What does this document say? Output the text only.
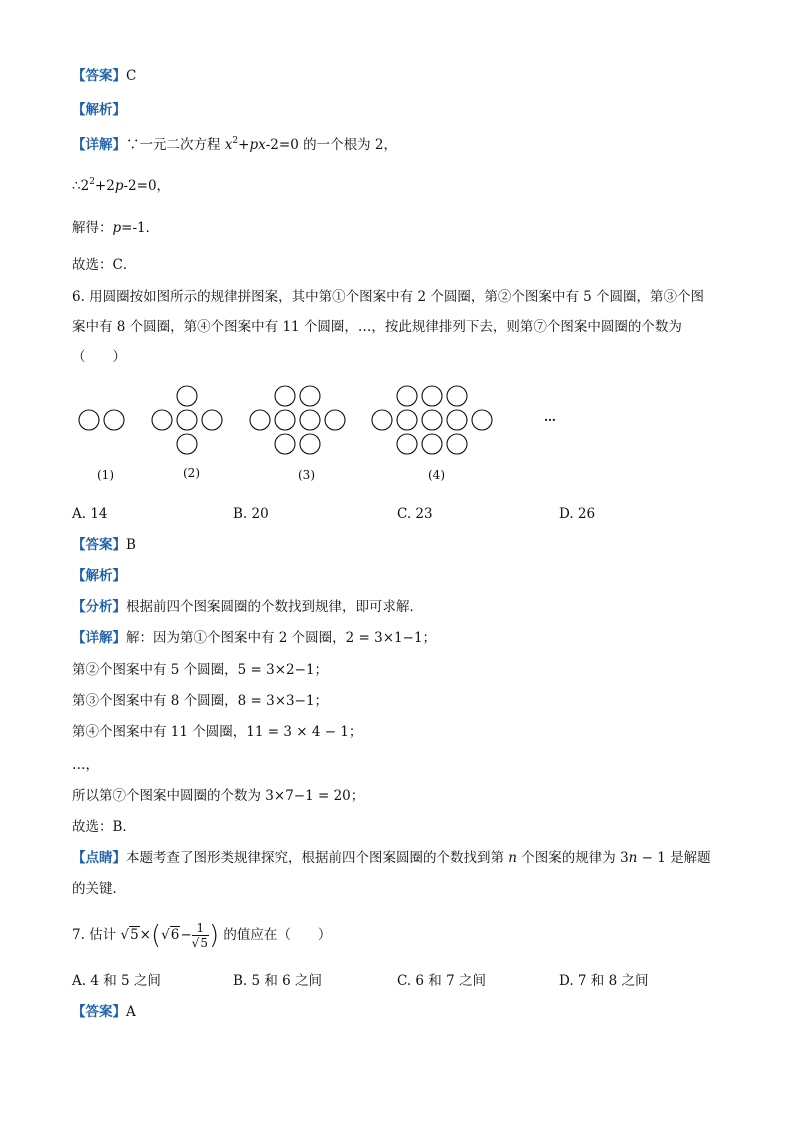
【答案】C
【解析】
【详解】∵一元二次方程 $x^2+px-2=0$ 的一个根为 2，
$\therefore 2^2+2p-2=0$，
解得：p=-1．
故选：C．
6. 用圆圈按如图所示的规律拼图案，其中第①个图案中有 2 个圆圈，第②个图案中有 5 个圆圈，第③个图
案中有 8 个圆圈，第④个图案中有 11 个圆圈，…，按此规律排列下去，则第⑦个图案中圆圈的个数为
（　　）
…
(1)	(2)	(3)	(4)
A. 14	B. 20	C. 23	D. 26
【答案】B
【解析】
【分析】根据前四个图案圆圈的个数找到规律，即可求解．
【详解】解：因为第①个图案中有 2 个圆圈，2 = 3×1−1；
第②个图案中有 5 个圆圈，5 = 3×2−1；
第③个图案中有 8 个圆圈，8 = 3×3−1；
第④个图案中有 11 个圆圈，11 = 3 × 4 − 1；
…，
所以第⑦个图案中圆圈的个数为 3×7−1 = 20；
故选：B．
【点睛】本题考查了图形类规律探究，根据前四个图案圆圈的个数找到第 n 个图案的规律为 3n − 1 是解题
的关键．
7. 估计 $√5\times(√6- \frac{1}{√5}$ ) 的值应在（　　）
A. 4 和 5 之间	B. 5 和 6 之间	C. 6 和 7 之间	D. 7 和 8 之间
【答案】A
